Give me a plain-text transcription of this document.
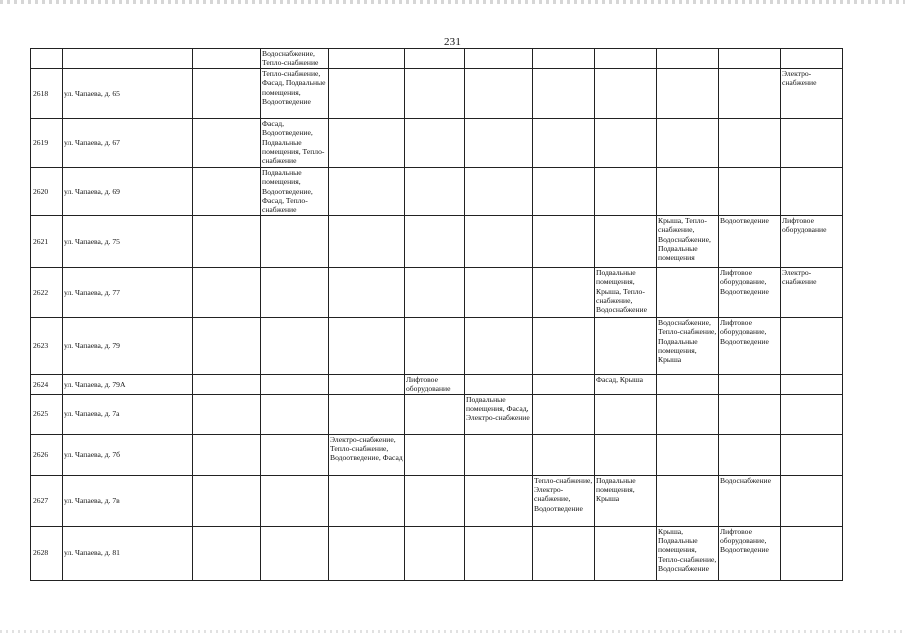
231
			Водоснабжение, Тепло-снабжение								
2618	ул. Чапаева, д. 65		Тепло-снабжение, Фасад, Подвальные помещения, Водоотведение								Электро-снабжение
2619	ул. Чапаева, д. 67		Фасад, Водоотведение, Подвальные помещения, Тепло-снабжение								
2620	ул. Чапаева, д. 69		Подвальные помещения, Водоотведение, Фасад, Тепло-снабжение								
2621	ул. Чапаева, д. 75								Крыша, Тепло-снабжение, Водоснабжение, Подвальные помещения	Водоотведение	Лифтовое оборудование
2622	ул. Чапаева, д. 77							Подвальные помещения, Крыша, Тепло-снабжение, Водоснабжение		Лифтовое оборудование, Водоотведение	Электро-снабжение
2623	ул. Чапаева, д. 79								Водоснабжение, Тепло-снабжение, Подвальные помещения, Крыша	Лифтовое оборудование, Водоотведение	
2624	ул. Чапаева, д. 79А				Лифтовое оборудование			Фасад, Крыша			
2625	ул. Чапаева, д. 7а					Подвальные помещения, Фасад, Электро-снабжение					
2626	ул. Чапаева, д. 7б			Электро-снабжение, Тепло-снабжение, Водоотведение, Фасад							
2627	ул. Чапаева, д. 7в						Тепло-снабжение, Электро-снабжение, Водоотведение	Подвальные помещения, Крыша		Водоснабжение	
2628	ул. Чапаева, д. 81								Крыша, Подвальные помещения, Тепло-снабжение, Водоснабжение	Лифтовое оборудование, Водоотведение	
